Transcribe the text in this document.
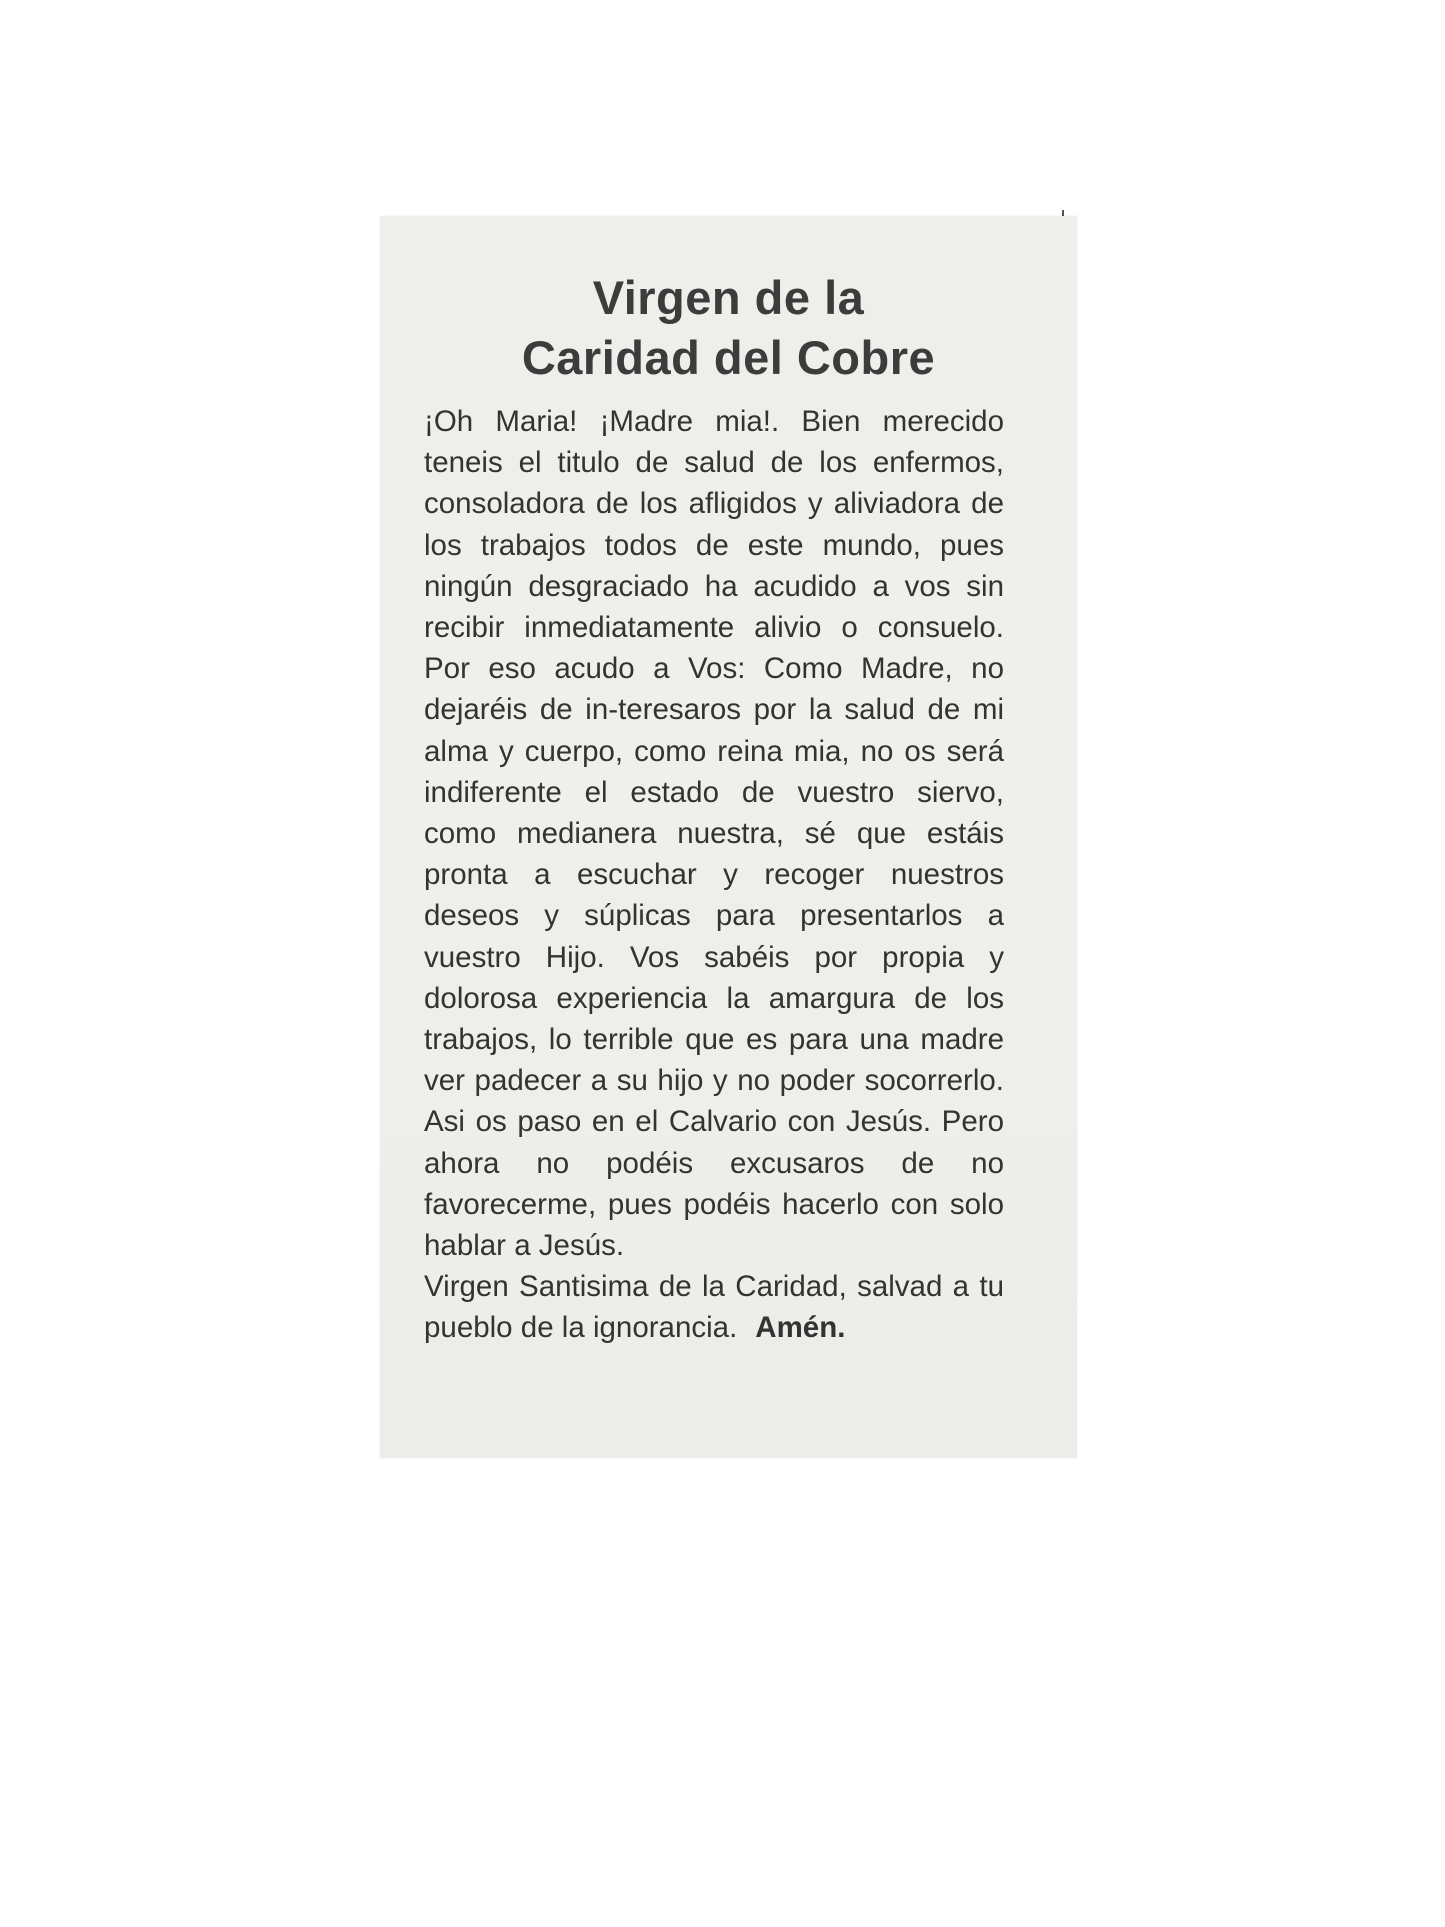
Virgen de la
Caridad del Cobre

¡Oh Maria! ¡Madre mia!. Bien merecido teneis el titulo de salud de los enfermos, consoladora de los afligidos y aliviadora de los trabajos todos de este mundo, pues ningún desgraciado ha acudido a vos sin recibir inmediatamente alivio o consuelo. Por eso acudo a Vos: Como Madre, no dejaréis de in-teresaros por la salud de mi alma y cuerpo, como reina mia, no os será indiferente el estado de vuestro siervo, como medianera nuestra, sé que estáis pronta a escuchar y recoger nuestros deseos y súplicas para presentarlos a vuestro Hijo. Vos sabéis por propia y dolorosa experiencia la amargura de los trabajos, lo terrible que es para una madre ver padecer a su hijo y no poder socorrerlo. Asi os paso en el Calvario con Jesús. Pero ahora no podéis excusaros de no favorecerme, pues podéis hacerlo con solo hablar a Jesús.

Virgen Santisima de la Caridad, salvad a tu pueblo de la ignorancia. Amén.
